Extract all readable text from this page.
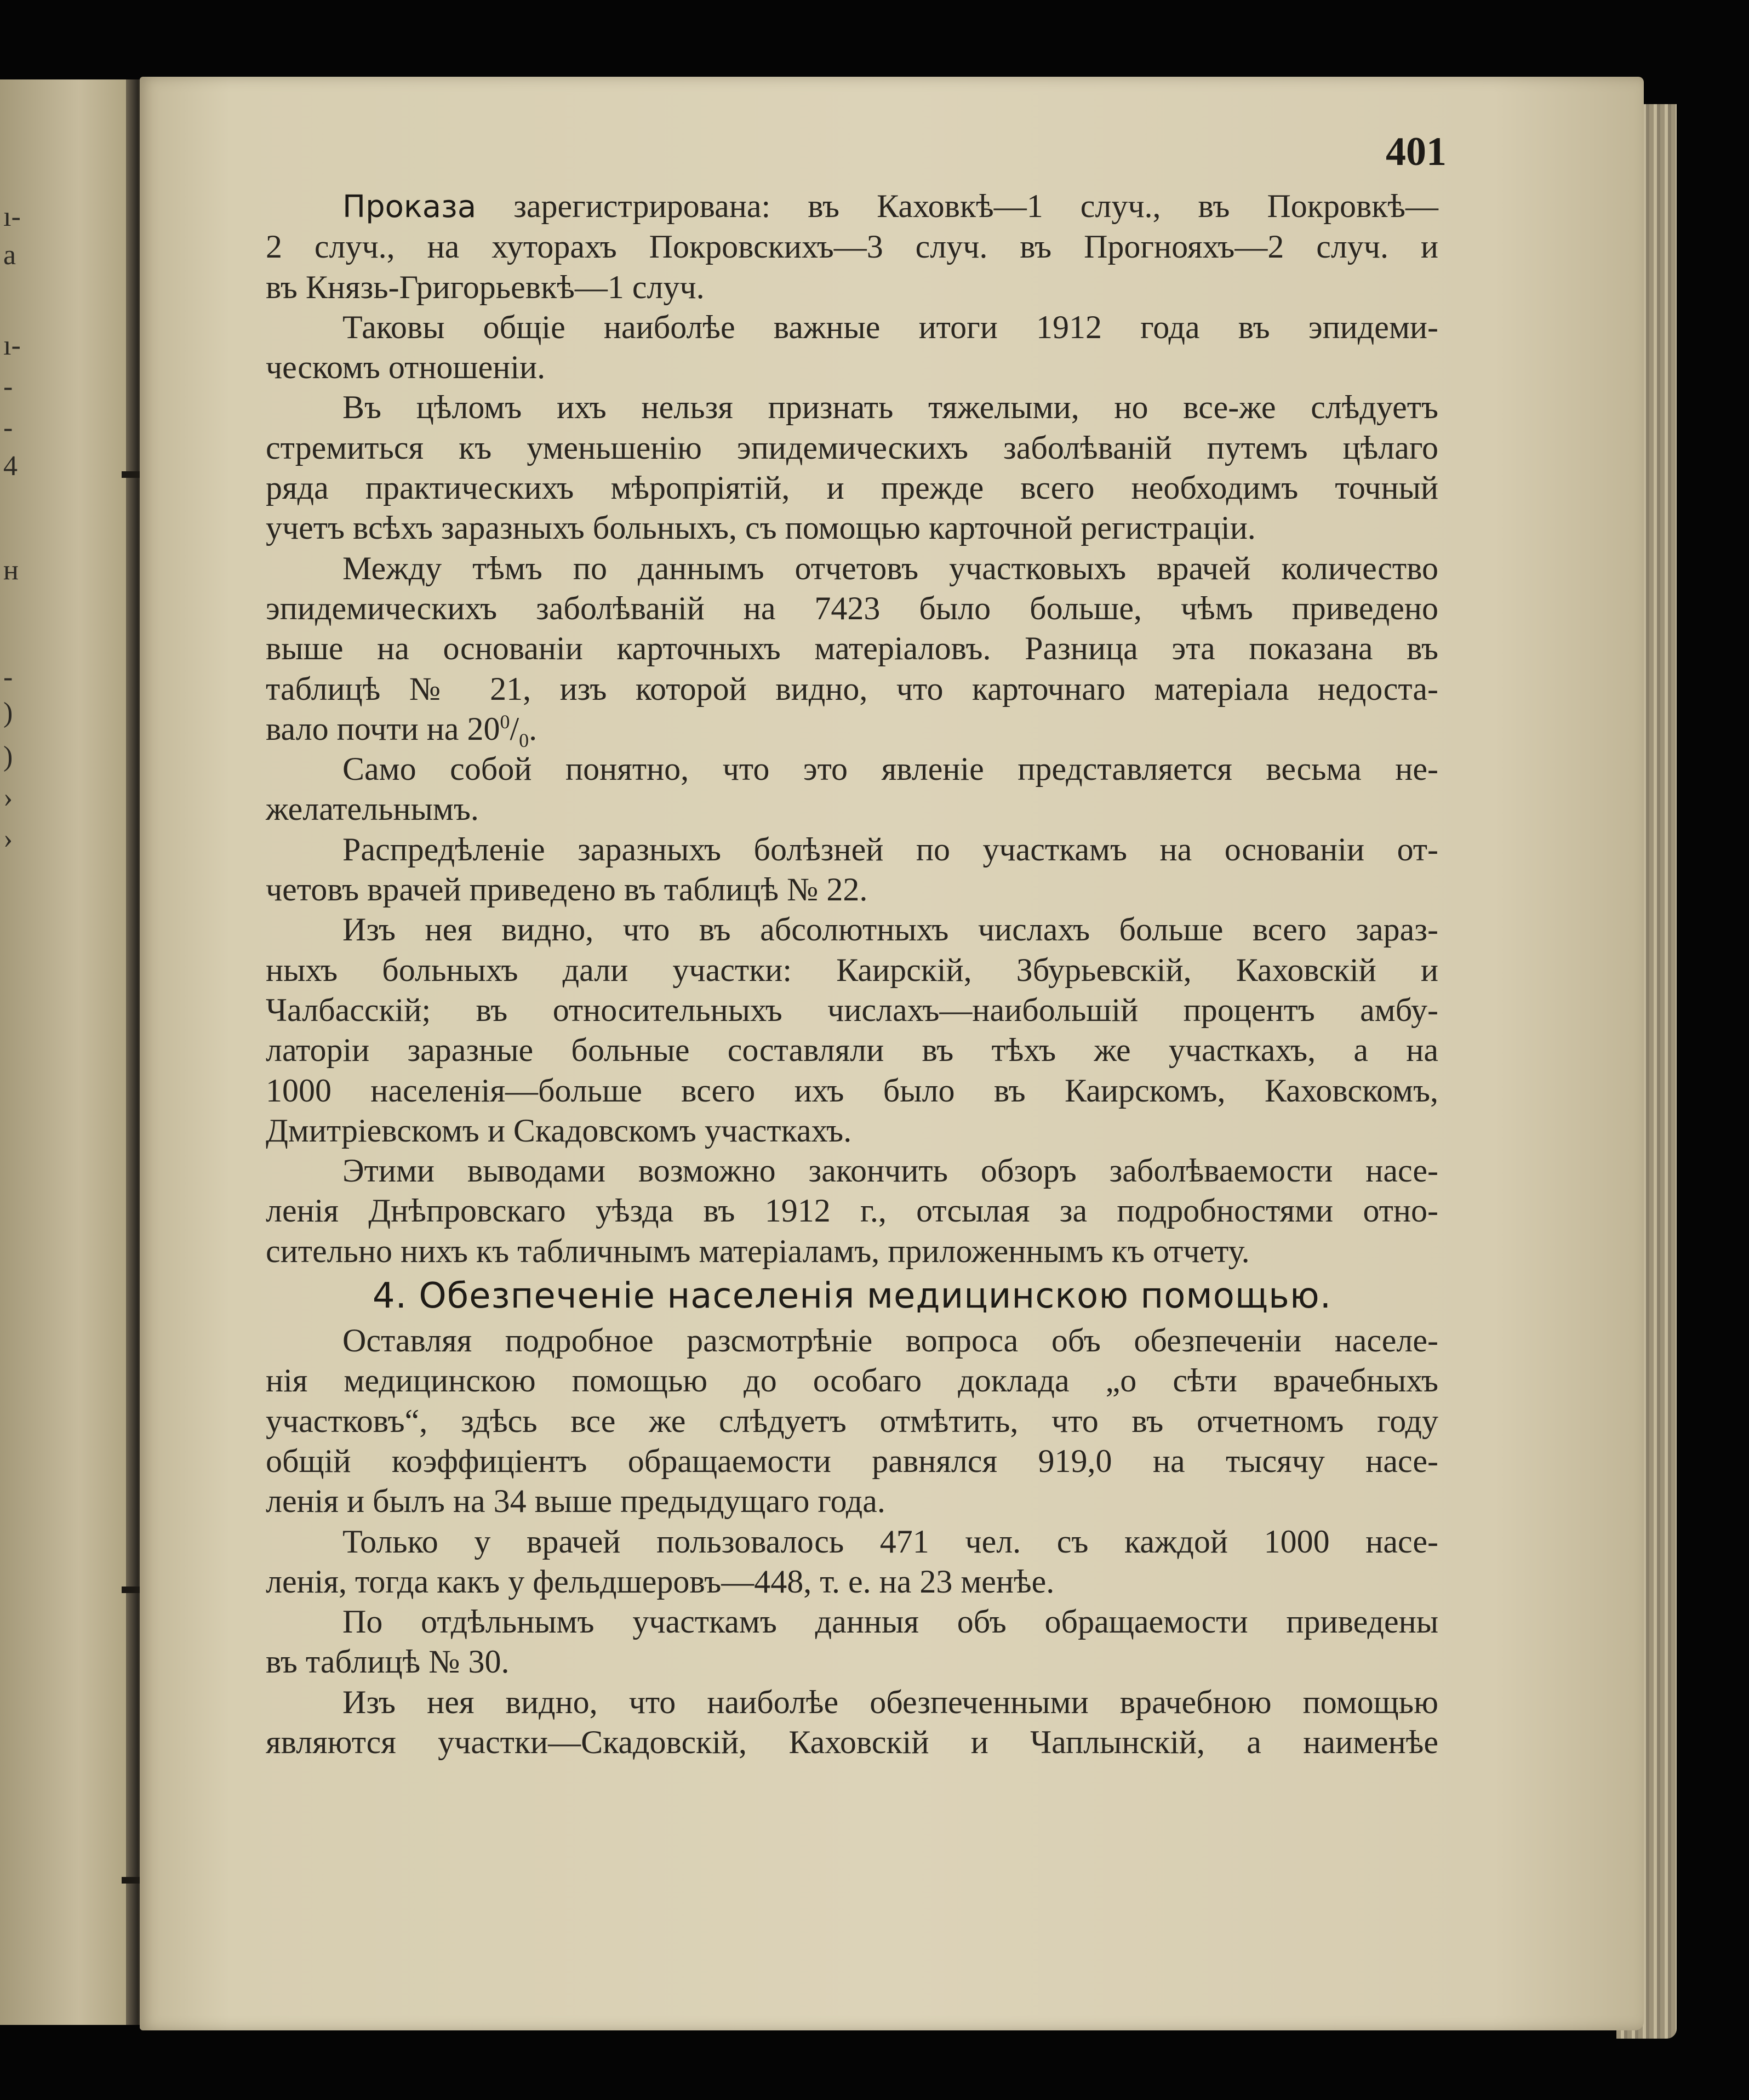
ı-
a
ı-
-
-
4
н
-
)
)
›
›
401

Проказа зарегистрирована: въ Каховкѣ—1 случ., въ Покровкѣ—

2 случ., на хуторахъ Покровскихъ—3 случ. въ Прогнояхъ—2 случ. и

въ Князь-Григорьевкѣ—1 случ.

Таковы общіе наиболѣе важные итоги 1912 года въ эпидеми-

ческомъ отношеніи.

Въ цѣломъ ихъ нельзя признать тяжелыми, но все-же слѣдуетъ

стремиться къ уменьшенію эпидемическихъ заболѣваній путемъ цѣлаго

ряда практическихъ мѣропріятій, и прежде всего необходимъ точный

учетъ всѣхъ заразныхъ больныхъ, съ помощью карточной регистраціи.

Между тѣмъ по даннымъ отчетовъ участковыхъ врачей количество

эпидемическихъ заболѣваній на 7423 было больше, чѣмъ приведено

выше на основаніи карточныхъ матеріаловъ. Разница эта показана въ

таблицѣ № 21, изъ которой видно, что карточнаго матеріала недоста-

вало почти на $20^0/_0$.

Само собой понятно, что это явленіе представляется весьма не-

желательнымъ.

Распредѣленіе заразныхъ болѣзней по участкамъ на основаніи от-

четовъ врачей приведено въ таблицѣ № 22.

Изъ нея видно, что въ абсолютныхъ числахъ больше всего зараз-

ныхъ больныхъ дали участки: Каирскій, Збурьевскій, Каховскій и

Чалбасскій; въ относительныхъ числахъ—наибольшій процентъ амбу-

латоріи заразные больные составляли въ тѣхъ же участкахъ, а на

1000 населенія—больше всего ихъ было въ Каирскомъ, Каховскомъ,

Дмитріевскомъ и Скадовскомъ участкахъ.

Этими выводами возможно закончить обзоръ заболѣваемости насе-

ленія Днѣпровскаго уѣзда въ 1912 г., отсылая за подробностями отно-

сительно нихъ къ табличнымъ матеріаламъ, приложеннымъ къ отчету.

4. Обезпеченіе населенія медицинскою помощью.

Оставляя подробное разсмотрѣніе вопроса объ обезпеченіи населе-

нія медицинскою помощью до особаго доклада „о сѣти врачебныхъ

участковъ“, здѣсь все же слѣдуетъ отмѣтить, что въ отчетномъ году

общій коэффиціентъ обращаемости равнялся 919,0 на тысячу насе-

ленія и былъ на 34 выше предыдущаго года.

Только у врачей пользовалось 471 чел. съ каждой 1000 насе-

ленія, тогда какъ у фельдшеровъ—448, т. е. на 23 менѣе.

По отдѣльнымъ участкамъ данныя объ обращаемости приведены

въ таблицѣ № 30.

Изъ нея видно, что наиболѣе обезпеченными врачебною помощью

являются участки—Скадовскій, Каховскій и Чаплынскій, а наименѣе
